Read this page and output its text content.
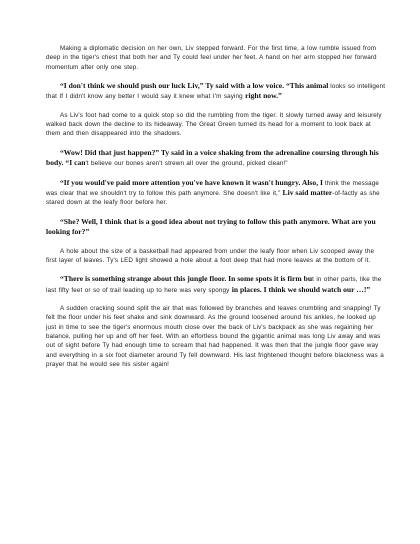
Making a diplomatic decision on her own, Liv stepped forward. For the first time, a low rumble issued from deep in the tiger's chest that both her and Ty could feel under her feet. A hand on her arm stopped her forward momentum after only one step.

“I don't think we should push our luck Liv,” Ty said with a low voice. “This animal looks so intelligent that If I didn't know any better I would say it knew what I'm saying right now.”

As Liv's foot had come to a quick stop so did the rumbling from the tiger. It slowly turned away and leisurely walked back down the decline to its hideaway. The Great Green turned its head for a moment to look back at them and then disappeared into the shadows.

“Wow! Did that just happen?” Ty said in a voice shaking from the adrenaline coursing through his body. “I can't believe our bones aren't strewn all over the ground, picked clean!”

“If you would've paid more attention you've have known it wasn't hungry. Also, I think the message was clear that we shouldn't try to follow this path anymore. She doesn't like it,” Liv said matter-of-factly as she stared down at the leafy floor before her.

“She? Well, I think that is a good idea about not trying to follow this path anymore. What are you looking for?”

A hole about the size of a basketball had appeared from under the leafy floor when Liv scooped away the first layer of leaves. Ty's LED light showed a hole about a foot deep that had more leaves at the bottom of it.

“There is something strange about this jungle floor. In some spots it is firm but in other parts, like the last fifty feet or so of trail leading up to here was very spongy in places. I think we should watch our …!”

A sudden cracking sound split the air that was followed by branches and leaves crumbling and snapping! Ty felt the floor under his feet shake and sink downward. As the ground loosened around his ankles, he looked up just in time to see the tiger's enormous mouth close over the back of Liv's backpack as she was regaining her balance, pulling her up and off her feet. With an effortless bound the gigantic animal was long Liv away and was out of sight before Ty had enough time to scream that had happened. It was then that the jungle floor gave way and everything in a six foot diameter around Ty fell downward. His last frightened thought before blackness was a prayer that he would see his sister again!
